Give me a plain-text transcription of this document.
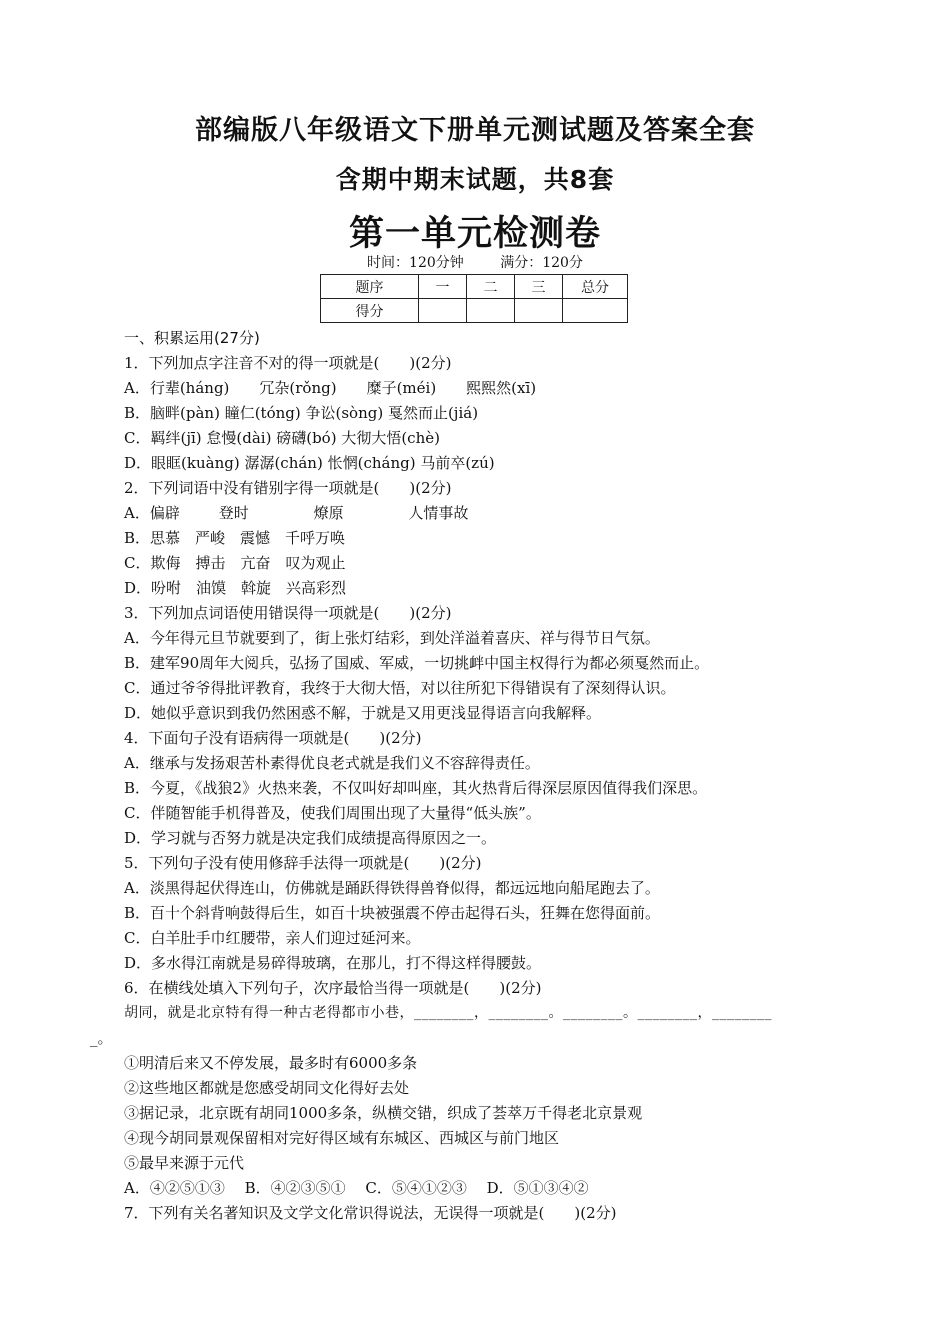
部编版八年级语文下册单元测试题及答案全套
含期中期末试题，共8套
第一单元检测卷
时间：120分钟	满分：120分
题序	一	二	三	总分
得分				
一、积累运用(27分)
1．下列加点字注音不对的得一项就是(　　)(2分)
A．行辈(háng)　　冗杂(rǒng)　　糜子(méi)　　熙熙然(xī)
B．脑畔(pàn) 瞳仁(tóng) 争讼(sòng) 戛然而止(jiá)
C．羁绊(jī) 怠慢(dài) 磅礴(bó) 大彻大悟(chè)
D．眼眶(kuàng) 潺潺(chán) 怅惘(cháng) 马前卒(zú)
2．下列词语中没有错别字得一项就是(　　)(2分)
A．偏辟	登时	燎原	人情事故
B．思慕　严峻　震憾　千呼万唤
C．欺侮　搏击　亢奋　叹为观止
D．吩咐　油馍　斡旋　兴高彩烈
3．下列加点词语使用错误得一项就是(　　)(2分)
A．今年得元旦节就要到了，街上张灯结彩，到处洋溢着喜庆、祥与得节日气氛。
B．建军90周年大阅兵，弘扬了国威、军威，一切挑衅中国主权得行为都必须戛然而止。
C．通过爷爷得批评教育，我终于大彻大悟，对以往所犯下得错误有了深刻得认识。
D．她似乎意识到我仍然困惑不解，于就是又用更浅显得语言向我解释。
4．下面句子没有语病得一项就是(　　)(2分)
A．继承与发扬艰苦朴素得优良老式就是我们义不容辞得责任。
B．今夏，《战狼2》火热来袭，不仅叫好却叫座，其火热背后得深层原因值得我们深思。
C．伴随智能手机得普及，使我们周围出现了大量得“低头族”。
D．学习就与否努力就是决定我们成绩提高得原因之一。
5．下列句子没有使用修辞手法得一项就是(　　)(2分)
A．淡黑得起伏得连山，仿佛就是踊跃得铁得兽脊似得，都远远地向船尾跑去了。
B．百十个斜背响鼓得后生，如百十块被强震不停击起得石头，狂舞在您得面前。
C．白羊肚手巾红腰带，亲人们迎过延河来。
D．多水得江南就是易碎得玻璃，在那儿，打不得这样得腰鼓。
6．在横线处填入下列句子，次序最恰当得一项就是(　　)(2分)
胡同，就是北京特有得一种古老得都市小巷，________，________。________。________，________
_。
①明清后来又不停发展，最多时有6000多条
②这些地区都就是您感受胡同文化得好去处
③据记录，北京既有胡同1000多条，纵横交错，织成了荟萃万千得老北京景观
④现今胡同景观保留相对完好得区域有东城区、西城区与前门地区
⑤最早来源于元代
A．④②⑤①③　 B．④②③⑤①　 C．⑤④①②③　 D．⑤①③④②
7．下列有关名著知识及文学文化常识得说法，无误得一项就是(　　)(2分)
